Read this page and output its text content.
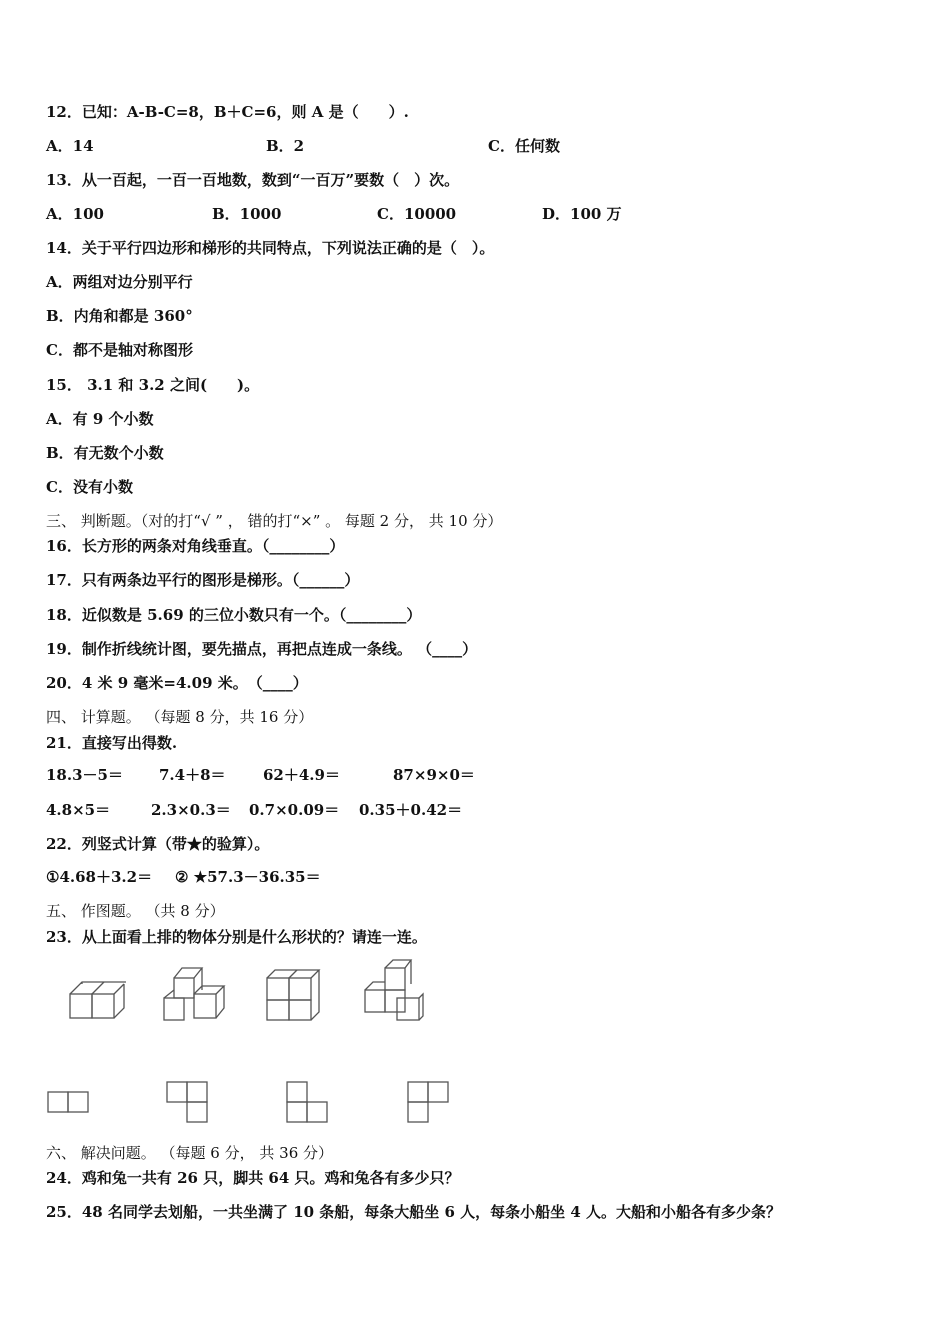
12．已知：A-B-C=8，B＋C=6，则 A 是（　　）.
A．14	B．2	C．任何数
13．从一百起，一百一百地数，数到“一百万”要数（　）次。
A．100	B．1000	C．10000	D．100 万
14．关于平行四边形和梯形的共同特点，下列说法正确的是（　）。
A．两组对边分别平行
B．内角和都是 360°
C．都不是轴对称图形
15． 3.1 和 3.2 之间(　　)。
A．有 9 个小数
B．有无数个小数
C．没有小数
三、 判断题。（对的打“√ ” ， 错的打“×” 。 每题 2 分， 共 10 分）
16．长方形的两条对角线垂直。（________）
17．只有两条边平行的图形是梯形。（______）
18．近似数是 5.69 的三位小数只有一个。（________）
19．制作折线统计图，要先描点，再把点连成一条线。 （____）
20．4 米 9 毫米=4.09 米。　（____）
四、 计算题。 （每题 8 分，共 16 分）
21．直接写出得数.
18.3－5＝ 7.4＋8＝ 62＋4.9＝	87×9×0＝
4.8×5＝	2.3×0.3＝ 0.7×0.09＝ 0.35＋0.42＝
22．列竖式计算（带★的验算）。
①4.68＋3.2＝ ② ★57.3－36.35＝
五、 作图题。 （共 8 分）
23．从上面看上排的物体分别是什么形状的？请连一连。
六、 解决问题。 （每题 6 分， 共 36 分）
24．鸡和兔一共有 26 只，脚共 64 只。鸡和兔各有多少只？
25．48 名同学去划船，一共坐满了 10 条船，每条大船坐 6 人，每条小船坐 4 人。大船和小船各有多少条？
